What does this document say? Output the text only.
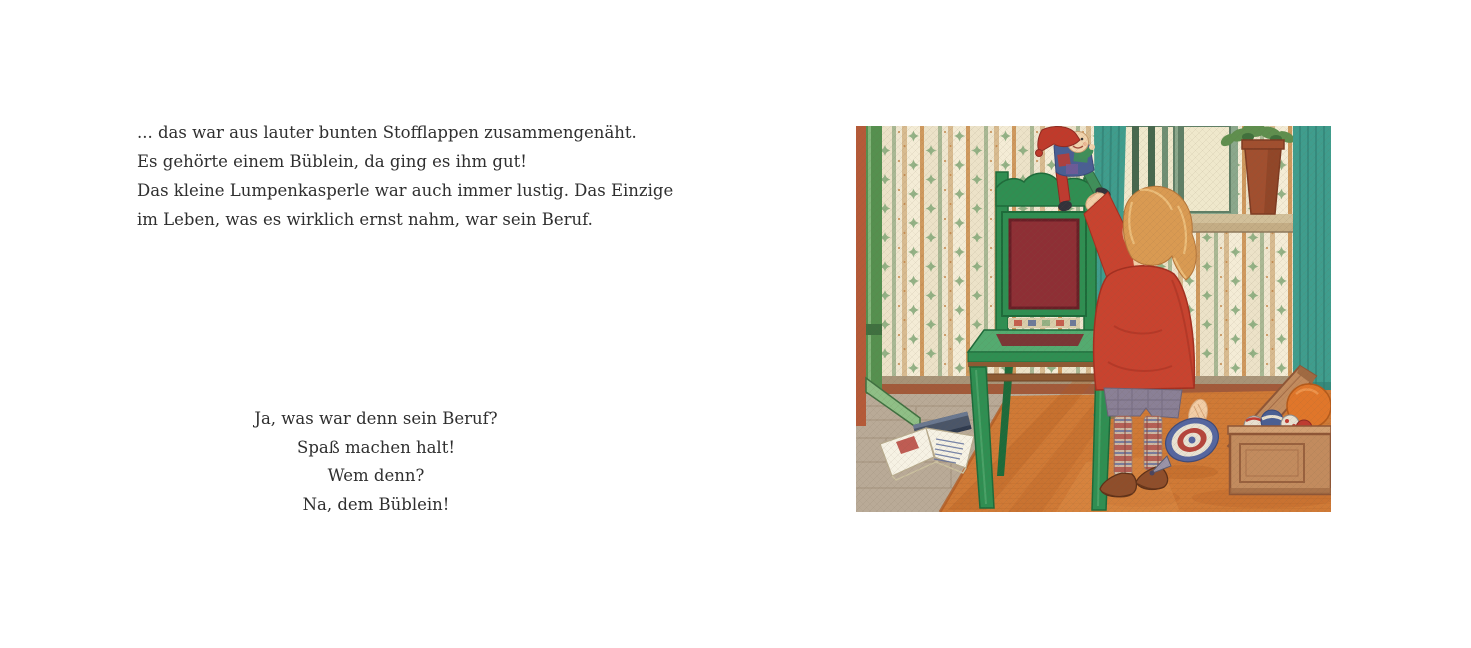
... das war aus lauter bunten Stofflappen zusammengenäht.
Es gehörte einem Büblein, da ging es ihm gut!
Das kleine Lumpenkasperle war auch immer lustig. Das Einzige
im Leben, was es wirklich ernst nahm, war sein Beruf.
Ja, was war denn sein Beruf?
Spaß machen halt!
Wem denn?
Na, dem Büblein!
